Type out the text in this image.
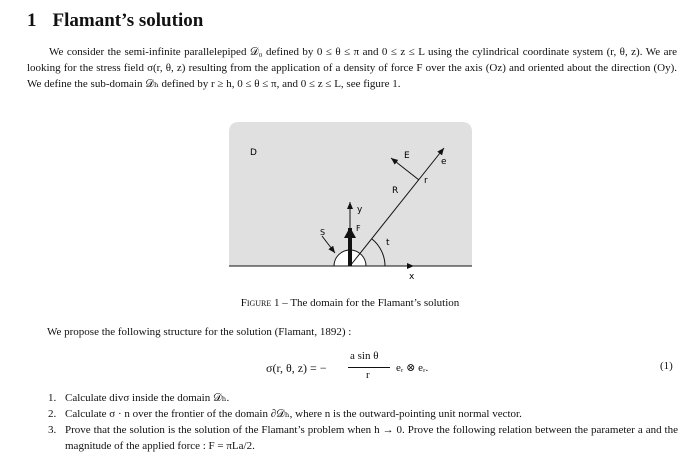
1 Flamant’s solution
We consider the semi-infinite parallelepiped 𝒟₀ defined by 0 ≤ θ ≤ π and 0 ≤ z ≤ L using the cylindrical coordinate system (r, θ, z). We are looking for the stress field σ(r, θ, z) resulting from the application of a density of force F over the axis (Oz) and oriented about the direction (Oy). We define the sub-domain 𝒟ₕ defined by r ≥ h, 0 ≤ θ ≤ π, and 0 ≤ z ≤ L, see figure 1.
D	E
e
r
R
y
S	F
t
x
Figure 1 – The domain for the Flamant’s solution
We propose the following structure for the solution (Flamant, 1892) :
σ(r, θ, z) = −
a sin θ
r
eᵣ ⊗ eᵣ.	(1)
1. Calculate divσ inside the domain 𝒟ₕ.
2. Calculate σ · n over the frontier of the domain ∂𝒟ₕ, where n is the outward-pointing unit normal vector.
3. Prove that the solution is the solution of the Flamant’s problem when h → 0. Prove the following relation between the parameter a and the magnitude of the applied force : F = πLa/2.
